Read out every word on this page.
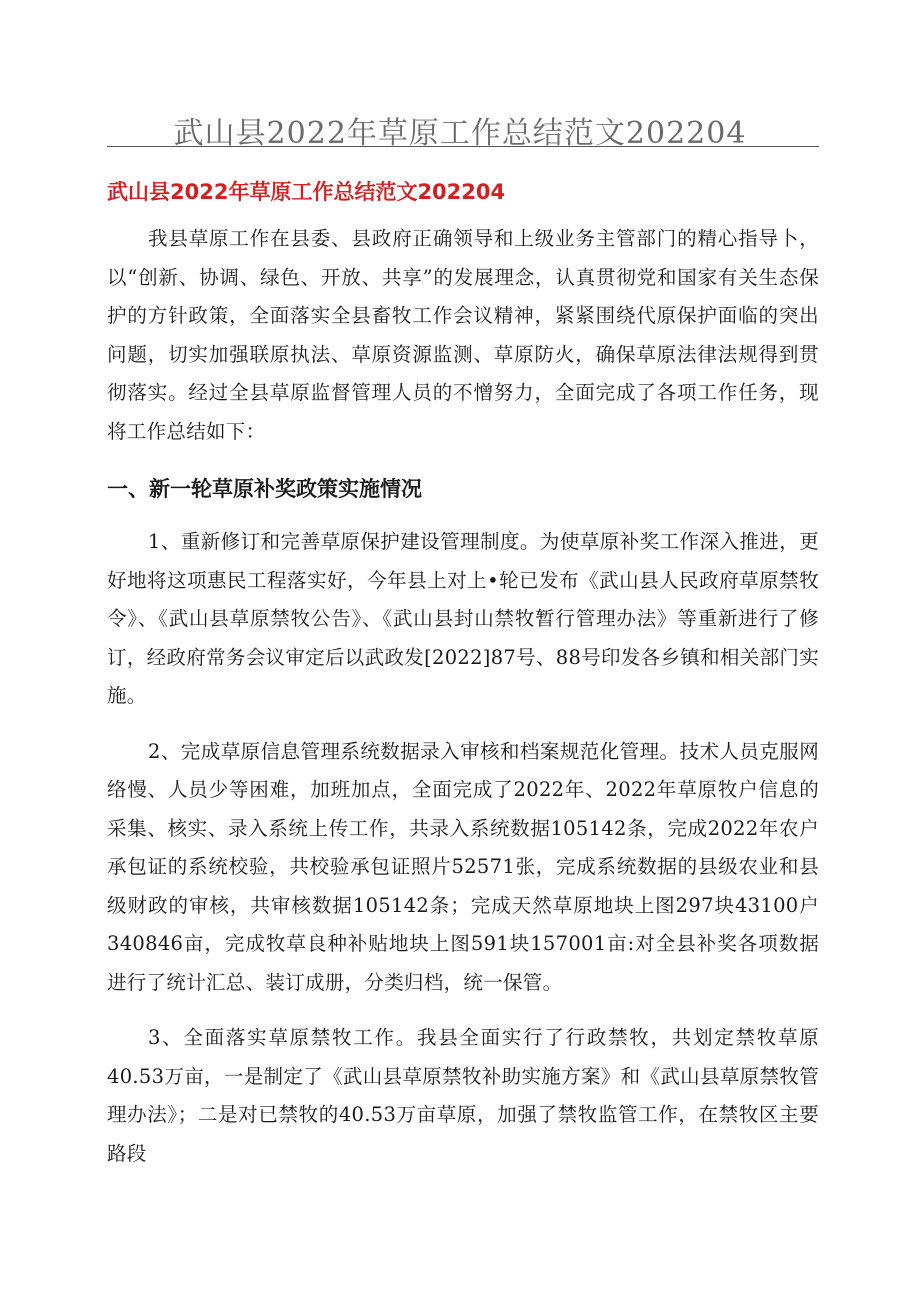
武山县2022年草原工作总结范文202204
武山县2022年草原工作总结范文202204

我县草原工作在县委、县政府正确领导和上级业务主管部门的精心指导卜，以“创新、协调、绿色、开放、共享”的发展理念，认真贯彻党和国家有关生态保护的方针政策，全面落实全县畜牧工作会议精神，紧紧围绕代原保护面临的突出问题，切实加强联原执法、草原资源监测、草原防火，确保草原法律法规得到贯彻落实。经过全县草原监督管理人员的不憎努力，全面完成了各项工作任务，现将工作总结如下：

一、新一轮草原补奖政策实施情况

1、重新修订和完善草原保护建设管理制度。为使草原补奖工作深入推进，更好地将这项惠民工程落实好，今年县上对上•轮已发布《武山县人民政府草原禁牧令》、《武山县草原禁牧公告》、《武山县封山禁牧暂行管理办法》等重新进行了修订，经政府常务会议审定后以武政发[2022]87号、88号印发各乡镇和相关部门实施。

2、完成草原信息管理系统数据录入审核和档案规范化管理。技术人员克服网络慢、人员少等困难，加班加点，全面完成了2022年、2022年草原牧户信息的采集、核实、录入系统上传工作，共录入系统数据105142条，完成2022年农户承包证的系统校验，共校验承包证照片52571张，完成系统数据的县级农业和县级财政的审核，共审核数据105142条；完成天然草原地块上图297块43100户340846亩，完成牧草良种补贴地块上图591块157001亩:对全县补奖各项数据进行了统计汇总、装订成册，分类归档，统一保管。

3、全面落实草原禁牧工作。我县全面实行了行政禁牧，共划定禁牧草原40.53万亩，一是制定了《武山县草原禁牧补助实施方案》和《武山县草原禁牧管理办法》；二是对已禁牧的40.53万亩草原，加强了禁牧监管工作，在禁牧区主要路段
